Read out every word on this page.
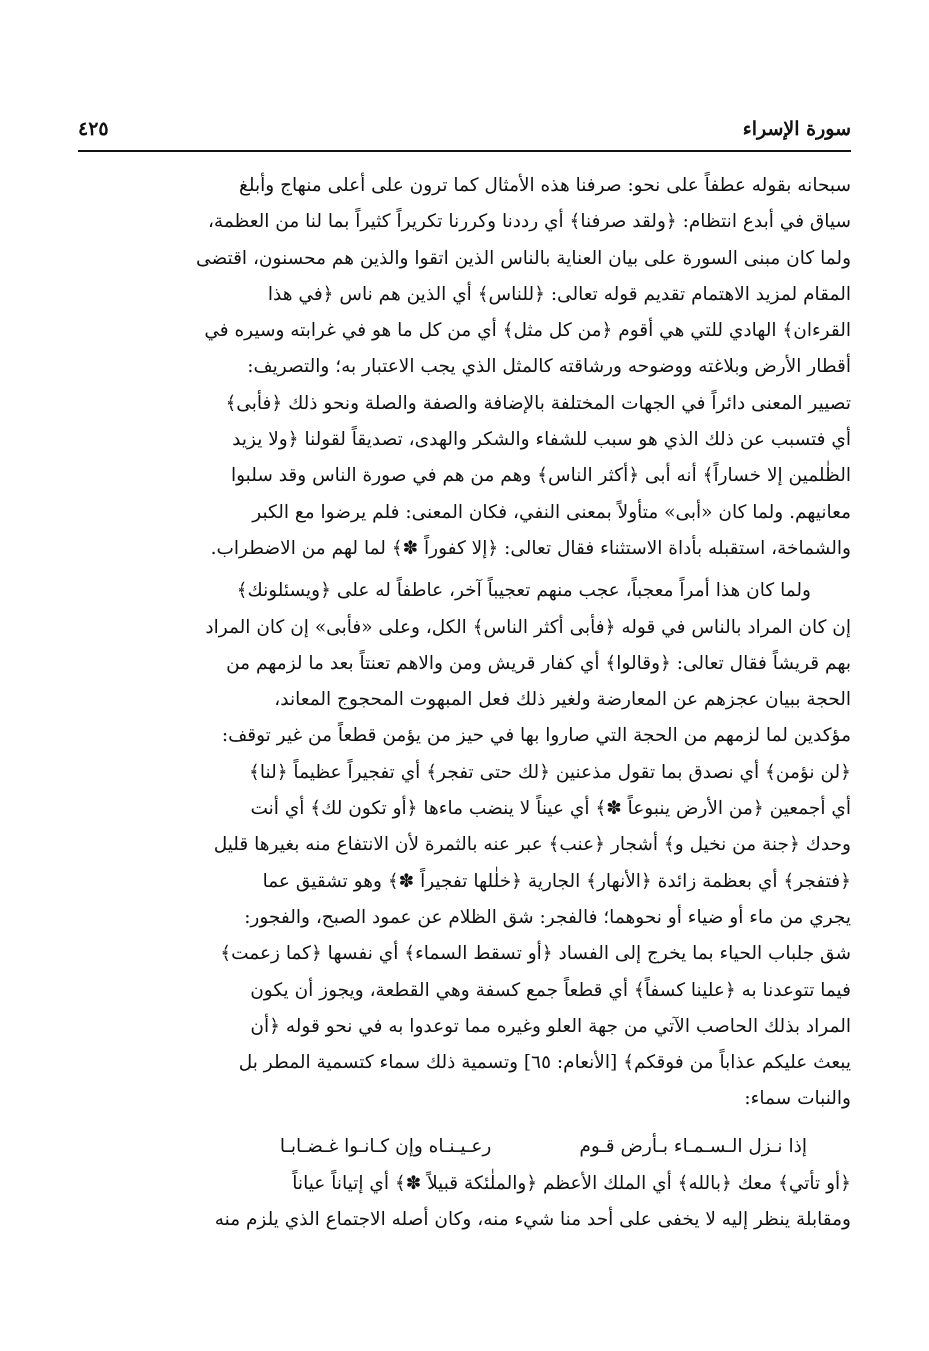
سورة الإسراء
٤٢٥
سبحانه بقوله عطفاً على نحو: صرفنا هذه الأمثال كما ترون على أعلى منهاج وأبلغ
سياق في أبدع انتظام: ﴿ولقد صرفنا﴾ أي رددنا وكررنا تكريراً كثيراً بما لنا من العظمة،
ولما كان مبنى السورة على بيان العناية بالناس الذين اتقوا والذين هم محسنون، اقتضى
المقام لمزيد الاهتمام تقديم قوله تعالى: ﴿للناس﴾ أي الذين هم ناس ﴿في هذا
القرءان﴾ الهادي للتي هي أقوم ﴿من كل مثل﴾ أي من كل ما هو في غرابته وسيره في
أقطار الأرض وبلاغته ووضوحه ورشاقته كالمثل الذي يجب الاعتبار به؛ والتصريف:
تصيير المعنى دائراً في الجهات المختلفة بالإضافة والصفة والصلة ونحو ذلك ﴿فأبى﴾
أي فتسبب عن ذلك الذي هو سبب للشفاء والشكر والهدى، تصديقاً لقولنا ﴿ولا يزيد
الظٰلمين إلا خساراً﴾ أنه أبى ﴿أكثر الناس﴾ وهم من هم في صورة الناس وقد سلبوا
معانيهم. ولما كان «أبى» متأولاً بمعنى النفي، فكان المعنى: فلم يرضوا مع الكبر
والشماخة، استقبله بأداة الاستثناء فقال تعالى: ﴿إلا كفوراً ✽﴾ لما لهم من الاضطراب.
ولما كان هذا أمراً معجباً، عجب منهم تعجيباً آخر، عاطفاً له على ﴿ويسئلونك﴾
إن كان المراد بالناس في قوله ﴿فأبى أكثر الناس﴾ الكل، وعلى «فأبى» إن كان المراد
بهم قريشاً فقال تعالى: ﴿وقالوا﴾ أي كفار قريش ومن والاهم تعنتاً بعد ما لزمهم من
الحجة ببيان عجزهم عن المعارضة ولغير ذلك فعل المبهوت المحجوج المعاند،
مؤكدين لما لزمهم من الحجة التي صاروا بها في حيز من يؤمن قطعاً من غير توقف:
﴿لن نؤمن﴾ أي نصدق بما تقول مذعنين ﴿لك حتى تفجر﴾ أي تفجيراً عظيماً ﴿لنا﴾
أي أجمعين ﴿من الأرض ينبوعاً ✽﴾ أي عيناً لا ينضب ماءها ﴿أو تكون لك﴾ أي أنت
وحدك ﴿جنة من نخيل و﴾ أشجار ﴿عنب﴾ عبر عنه بالثمرة لأن الانتفاع منه بغيرها قليل
﴿فتفجر﴾ أي بعظمة زائدة ﴿الأنهار﴾ الجارية ﴿خلٰلها تفجيراً ✽﴾ وهو تشقيق عما
يجري من ماء أو ضياء أو نحوهما؛ فالفجر: شق الظلام عن عمود الصبح، والفجور:
شق جلباب الحياء بما يخرج إلى الفساد ﴿أو تسقط السماء﴾ أي نفسها ﴿كما زعمت﴾
فيما تتوعدنا به ﴿علينا كسفاً﴾ أي قطعاً جمع كسفة وهي القطعة، ويجوز أن يكون
المراد بذلك الحاصب الآتي من جهة العلو وغيره مما توعدوا به في نحو قوله ﴿أن
يبعث عليكم عذاباً من فوقكم﴾ [الأنعام: ٦٥] وتسمية ذلك سماء كتسمية المطر بل
والنبات سماء:
إذا نـزل الـسـمـاء بـأرض قـوم
رعـيـنـاه وإن كـانـوا غـضـابـا
﴿أو تأتي﴾ معك ﴿بالله﴾ أي الملك الأعظم ﴿والملٰئكة قبيلاً ✽﴾ أي إتياناً عياناً
ومقابلة ينظر إليه لا يخفى على أحد منا شيء منه، وكان أصله الاجتماع الذي يلزم منه
